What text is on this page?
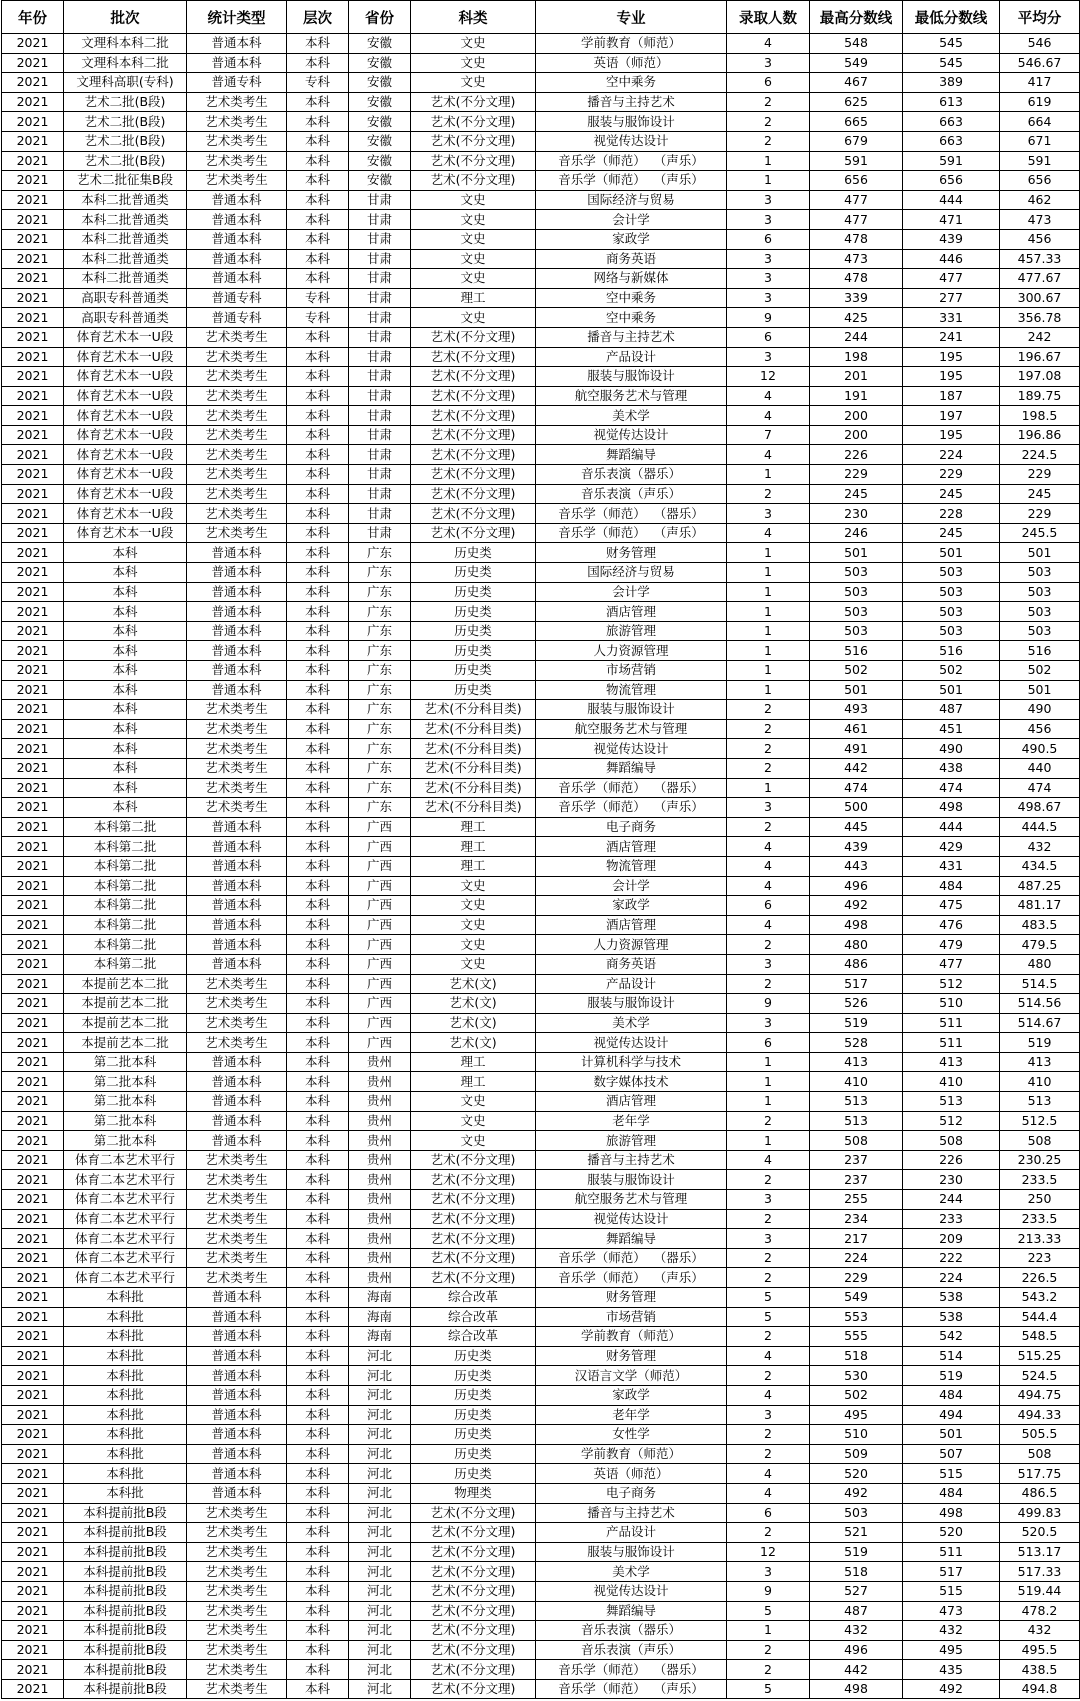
年份	批次	统计类型	层次	省份	科类	专业	录取人数	最高分数线	最低分数线	平均分
2021	文理科本科二批	普通本科	本科	安徽	文史	学前教育（师范）	4	548	545	546
2021	文理科本科二批	普通本科	本科	安徽	文史	英语（师范）	3	549	545	546.67
2021	文理科高职(专科)	普通专科	专科	安徽	文史	空中乘务	6	467	389	417
2021	艺术二批(B段)	艺术类考生	本科	安徽	艺术(不分文理)	播音与主持艺术	2	625	613	619
2021	艺术二批(B段)	艺术类考生	本科	安徽	艺术(不分文理)	服装与服饰设计	2	665	663	664
2021	艺术二批(B段)	艺术类考生	本科	安徽	艺术(不分文理)	视觉传达设计	2	679	663	671
2021	艺术二批(B段)	艺术类考生	本科	安徽	艺术(不分文理)	音乐学（师范）  （声乐）	1	591	591	591
2021	艺术二批征集B段	艺术类考生	本科	安徽	艺术(不分文理)	音乐学（师范）  （声乐）	1	656	656	656
2021	本科二批普通类	普通本科	本科	甘肃	文史	国际经济与贸易	3	477	444	462
2021	本科二批普通类	普通本科	本科	甘肃	文史	会计学	3	477	471	473
2021	本科二批普通类	普通本科	本科	甘肃	文史	家政学	6	478	439	456
2021	本科二批普通类	普通本科	本科	甘肃	文史	商务英语	3	473	446	457.33
2021	本科二批普通类	普通本科	本科	甘肃	文史	网络与新媒体	3	478	477	477.67
2021	高职专科普通类	普通专科	专科	甘肃	理工	空中乘务	3	339	277	300.67
2021	高职专科普通类	普通专科	专科	甘肃	文史	空中乘务	9	425	331	356.78
2021	体育艺术本一U段	艺术类考生	本科	甘肃	艺术(不分文理)	播音与主持艺术	6	244	241	242
2021	体育艺术本一U段	艺术类考生	本科	甘肃	艺术(不分文理)	产品设计	3	198	195	196.67
2021	体育艺术本一U段	艺术类考生	本科	甘肃	艺术(不分文理)	服装与服饰设计	12	201	195	197.08
2021	体育艺术本一U段	艺术类考生	本科	甘肃	艺术(不分文理)	航空服务艺术与管理	4	191	187	189.75
2021	体育艺术本一U段	艺术类考生	本科	甘肃	艺术(不分文理)	美术学	4	200	197	198.5
2021	体育艺术本一U段	艺术类考生	本科	甘肃	艺术(不分文理)	视觉传达设计	7	200	195	196.86
2021	体育艺术本一U段	艺术类考生	本科	甘肃	艺术(不分文理)	舞蹈编导	4	226	224	224.5
2021	体育艺术本一U段	艺术类考生	本科	甘肃	艺术(不分文理)	音乐表演（器乐）	1	229	229	229
2021	体育艺术本一U段	艺术类考生	本科	甘肃	艺术(不分文理)	音乐表演（声乐）	2	245	245	245
2021	体育艺术本一U段	艺术类考生	本科	甘肃	艺术(不分文理)	音乐学（师范）  （器乐）	3	230	228	229
2021	体育艺术本一U段	艺术类考生	本科	甘肃	艺术(不分文理)	音乐学（师范）  （声乐）	4	246	245	245.5
2021	本科	普通本科	本科	广东	历史类	财务管理	1	501	501	501
2021	本科	普通本科	本科	广东	历史类	国际经济与贸易	1	503	503	503
2021	本科	普通本科	本科	广东	历史类	会计学	1	503	503	503
2021	本科	普通本科	本科	广东	历史类	酒店管理	1	503	503	503
2021	本科	普通本科	本科	广东	历史类	旅游管理	1	503	503	503
2021	本科	普通本科	本科	广东	历史类	人力资源管理	1	516	516	516
2021	本科	普通本科	本科	广东	历史类	市场营销	1	502	502	502
2021	本科	普通本科	本科	广东	历史类	物流管理	1	501	501	501
2021	本科	艺术类考生	本科	广东	艺术(不分科目类)	服装与服饰设计	2	493	487	490
2021	本科	艺术类考生	本科	广东	艺术(不分科目类)	航空服务艺术与管理	2	461	451	456
2021	本科	艺术类考生	本科	广东	艺术(不分科目类)	视觉传达设计	2	491	490	490.5
2021	本科	艺术类考生	本科	广东	艺术(不分科目类)	舞蹈编导	2	442	438	440
2021	本科	艺术类考生	本科	广东	艺术(不分科目类)	音乐学（师范）  （器乐）	1	474	474	474
2021	本科	艺术类考生	本科	广东	艺术(不分科目类)	音乐学（师范）  （声乐）	3	500	498	498.67
2021	本科第二批	普通本科	本科	广西	理工	电子商务	2	445	444	444.5
2021	本科第二批	普通本科	本科	广西	理工	酒店管理	4	439	429	432
2021	本科第二批	普通本科	本科	广西	理工	物流管理	4	443	431	434.5
2021	本科第二批	普通本科	本科	广西	文史	会计学	4	496	484	487.25
2021	本科第二批	普通本科	本科	广西	文史	家政学	6	492	475	481.17
2021	本科第二批	普通本科	本科	广西	文史	酒店管理	4	498	476	483.5
2021	本科第二批	普通本科	本科	广西	文史	人力资源管理	2	480	479	479.5
2021	本科第二批	普通本科	本科	广西	文史	商务英语	3	486	477	480
2021	本提前艺本二批	艺术类考生	本科	广西	艺术(文)	产品设计	2	517	512	514.5
2021	本提前艺本二批	艺术类考生	本科	广西	艺术(文)	服装与服饰设计	9	526	510	514.56
2021	本提前艺本二批	艺术类考生	本科	广西	艺术(文)	美术学	3	519	511	514.67
2021	本提前艺本二批	艺术类考生	本科	广西	艺术(文)	视觉传达设计	6	528	511	519
2021	第二批本科	普通本科	本科	贵州	理工	计算机科学与技术	1	413	413	413
2021	第二批本科	普通本科	本科	贵州	理工	数字媒体技术	1	410	410	410
2021	第二批本科	普通本科	本科	贵州	文史	酒店管理	1	513	513	513
2021	第二批本科	普通本科	本科	贵州	文史	老年学	2	513	512	512.5
2021	第二批本科	普通本科	本科	贵州	文史	旅游管理	1	508	508	508
2021	体育二本艺术平行	艺术类考生	本科	贵州	艺术(不分文理)	播音与主持艺术	4	237	226	230.25
2021	体育二本艺术平行	艺术类考生	本科	贵州	艺术(不分文理)	服装与服饰设计	2	237	230	233.5
2021	体育二本艺术平行	艺术类考生	本科	贵州	艺术(不分文理)	航空服务艺术与管理	3	255	244	250
2021	体育二本艺术平行	艺术类考生	本科	贵州	艺术(不分文理)	视觉传达设计	2	234	233	233.5
2021	体育二本艺术平行	艺术类考生	本科	贵州	艺术(不分文理)	舞蹈编导	3	217	209	213.33
2021	体育二本艺术平行	艺术类考生	本科	贵州	艺术(不分文理)	音乐学（师范）  （器乐）	2	224	222	223
2021	体育二本艺术平行	艺术类考生	本科	贵州	艺术(不分文理)	音乐学（师范）  （声乐）	2	229	224	226.5
2021	本科批	普通本科	本科	海南	综合改革	财务管理	5	549	538	543.2
2021	本科批	普通本科	本科	海南	综合改革	市场营销	5	553	538	544.4
2021	本科批	普通本科	本科	海南	综合改革	学前教育（师范）	2	555	542	548.5
2021	本科批	普通本科	本科	河北	历史类	财务管理	4	518	514	515.25
2021	本科批	普通本科	本科	河北	历史类	汉语言文学（师范）	2	530	519	524.5
2021	本科批	普通本科	本科	河北	历史类	家政学	4	502	484	494.75
2021	本科批	普通本科	本科	河北	历史类	老年学	3	495	494	494.33
2021	本科批	普通本科	本科	河北	历史类	女性学	2	510	501	505.5
2021	本科批	普通本科	本科	河北	历史类	学前教育（师范）	2	509	507	508
2021	本科批	普通本科	本科	河北	历史类	英语（师范）	4	520	515	517.75
2021	本科批	普通本科	本科	河北	物理类	电子商务	4	492	484	486.5
2021	本科提前批B段	艺术类考生	本科	河北	艺术(不分文理)	播音与主持艺术	6	503	498	499.83
2021	本科提前批B段	艺术类考生	本科	河北	艺术(不分文理)	产品设计	2	521	520	520.5
2021	本科提前批B段	艺术类考生	本科	河北	艺术(不分文理)	服装与服饰设计	12	519	511	513.17
2021	本科提前批B段	艺术类考生	本科	河北	艺术(不分文理)	美术学	3	518	517	517.33
2021	本科提前批B段	艺术类考生	本科	河北	艺术(不分文理)	视觉传达设计	9	527	515	519.44
2021	本科提前批B段	艺术类考生	本科	河北	艺术(不分文理)	舞蹈编导	5	487	473	478.2
2021	本科提前批B段	艺术类考生	本科	河北	艺术(不分文理)	音乐表演（器乐）	1	432	432	432
2021	本科提前批B段	艺术类考生	本科	河北	艺术(不分文理)	音乐表演（声乐）	2	496	495	495.5
2021	本科提前批B段	艺术类考生	本科	河北	艺术(不分文理)	音乐学（师范）  （器乐）	2	442	435	438.5
2021	本科提前批B段	艺术类考生	本科	河北	艺术(不分文理)	音乐学（师范）  （声乐）	5	498	492	494.8
